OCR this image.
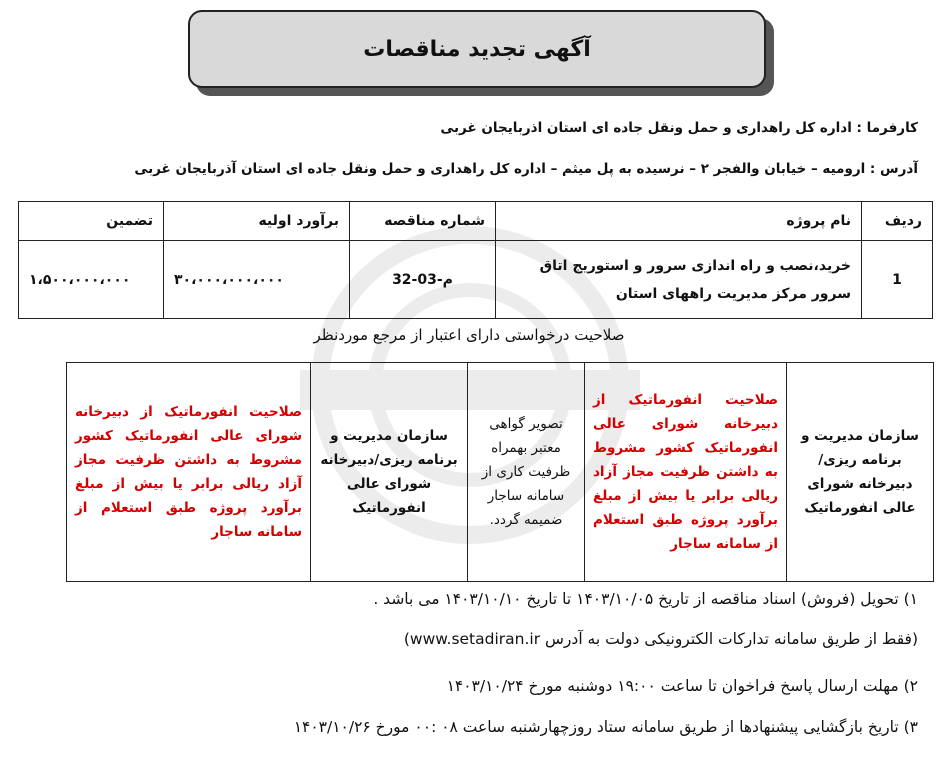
آگهی تجدید مناقصات
کارفرما : اداره کل راهداری و حمل ونقل جاده ای استان اذربایجان غربی
آدرس : ارومیه – خیابان والفجر ۲ – نرسیده به پل میثم – اداره کل راهداری و حمل ونقل جاده ای استان آذربایجان غربی
ردیف	نام پروژه	شماره مناقصه	برآورد اولیه	تضمین
1	خرید،نصب و راه اندازی سرور و استوریج اتاق سرور مرکز مدیریت راههای استان	32-م-03	۳۰،۰۰۰،۰۰۰،۰۰۰	۱،۵۰۰،۰۰۰،۰۰۰
صلاحیت درخواستی دارای اعتبار از مرجع موردنظر
سازمان مدیریت و برنامه ریزی/دبیرخانه شورای عالی انفورماتیک	صلاحیت انفورماتیک از دبیرخانه شورای عالی انفورماتیک کشور مشروط به داشتن ظرفیت مجاز آزاد ریالی برابر یا بیش از مبلغ برآورد پروژه طبق استعلام از سامانه ساجار	تصویر گواهی معتبر بهمراه ظرفیت کاری از سامانه ساجار ضمیمه گردد.	سازمان مدیریت و برنامه ریزی/دبیرخانه شورای عالی انفورماتیک	صلاحیت انفورماتیک از دبیرخانه شورای عالی انفورماتیک کشور مشروط به داشتن ظرفیت مجاز آزاد ریالی برابر یا بیش از مبلغ برآورد پروژه طبق استعلام از سامانه ساجار
۱) تحویل (فروش) اسناد مناقصه از تاریخ ۱۴۰۳/۱۰/۰۵ تا تاریخ ۱۴۰۳/۱۰/۱۰ می باشد .
(فقط از طریق سامانه تدارکات الکترونیکی دولت به آدرس www.setadiran.ir)
۲) مهلت ارسال پاسخ فراخوان تا ساعت ۱۹:۰۰ دوشنبه مورخ ۱۴۰۳/۱۰/۲۴
۳) تاریخ بازگشایی پیشنهادها از طریق سامانه ستاد روزچهارشنبه ساعت ۰۸ :۰۰ مورخ ۱۴۰۳/۱۰/۲۶
